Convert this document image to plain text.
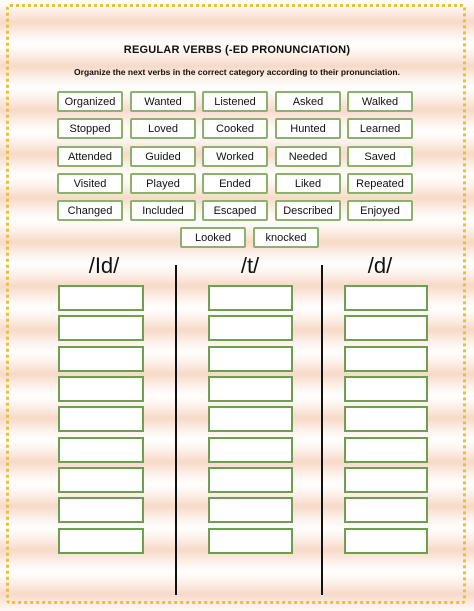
REGULAR VERBS (-ED PRONUNCIATION)
Organize the next verbs in the correct category according to their pronunciation.
Organized	Wanted	Listened	Asked	Walked
Stopped	Loved	Cooked	Hunted	Learned
Attended	Guided	Worked	Needed	Saved
Visited	Played	Ended	Liked	Repeated
Changed	Included	Escaped	Described	Enjoyed
Looked	knocked
/Id/	/t/	/d/
